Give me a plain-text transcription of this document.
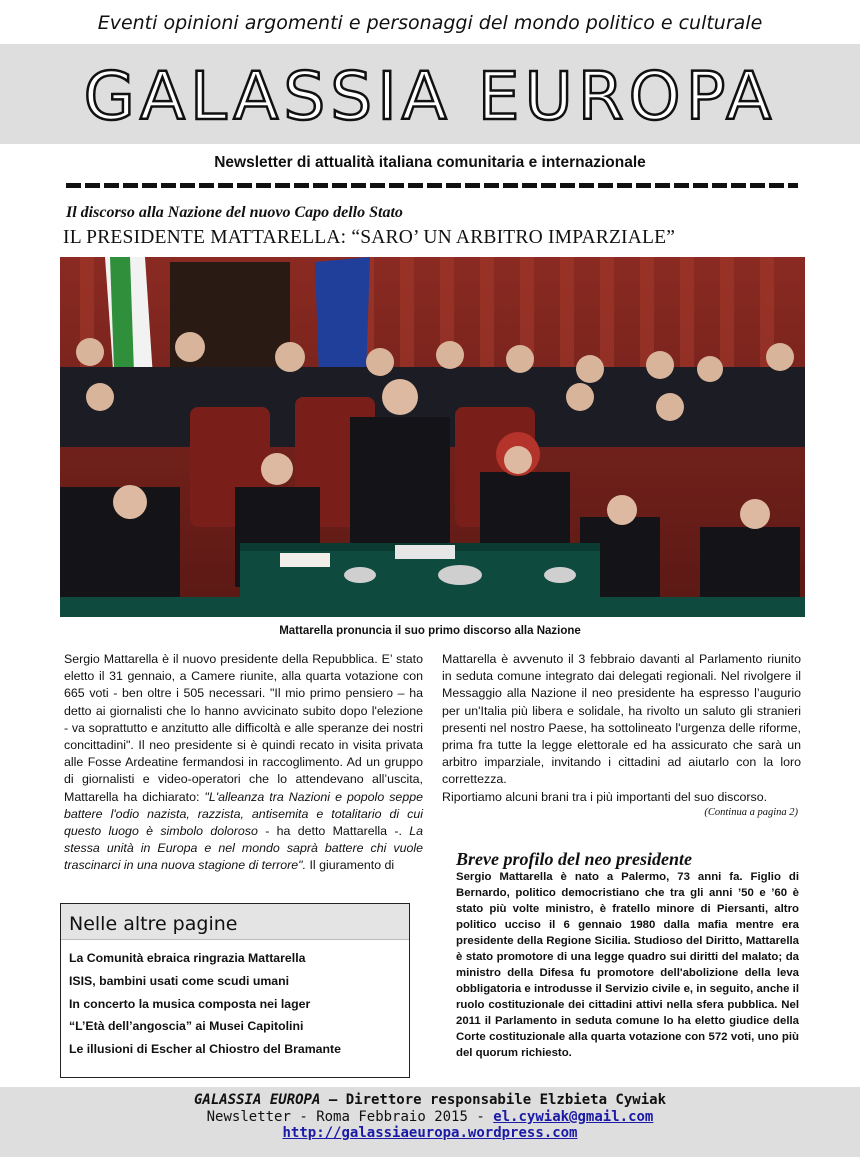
Eventi opinioni argomenti e personaggi del mondo politico e culturale
GALASSIA EUROPA
Newsletter di attualità italiana comunitaria e internazionale
Il discorso alla Nazione del nuovo Capo dello Stato
IL PRESIDENTE MATTARELLA: “SARO’ UN ARBITRO IMPARZIALE”
Mattarella pronuncia il suo primo discorso alla Nazione

Sergio Mattarella è il nuovo presidente della Repubblica. E’ stato eletto il 31 gennaio, a Camere riunite, alla quarta votazione con 665 voti - ben oltre i 505 necessari. "Il mio primo pensiero – ha detto ai giornalisti che lo hanno avvicinato subito dopo l'elezione - va soprattutto e anzitutto alle difficoltà e alle speranze dei nostri concittadini". Il neo presidente si è quindi recato in visita privata alle Fosse Ardeatine fermandosi in raccoglimento. Ad un gruppo di giornalisti e video-operatori che lo attendevano all’uscita, Mattarella ha dichiarato: "L'alleanza tra Nazioni e popolo seppe battere l'odio nazista, razzista, antisemita e totalitario di cui questo luogo è simbolo doloroso - ha detto Mattarella -. La stessa unità in Europa e nel mondo saprà battere chi vuole trascinarci in una nuova stagione di terrore". Il giuramento di

Mattarella è avvenuto il 3 febbraio davanti al Parlamento riunito in seduta comune integrato dai delegati regionali. Nel rivolgere il Messaggio alla Nazione il neo presidente ha espresso l’augurio per un'Italia più libera e solidale, ha rivolto un saluto gli stranieri presenti nel nostro Paese, ha sottolineato l'urgenza delle riforme, prima fra tutte la legge elettorale ed ha assicurato che sarà un arbitro imparziale, invitando i cittadini ad aiutarlo con la loro correttezza.

Riportiamo alcuni brani tra i più importanti del suo discorso.

(Continua a pagina 2)
Breve profilo del neo presidente
Sergio Mattarella è nato a Palermo, 73 anni fa. Figlio di Bernardo, politico democristiano che tra gli anni ’50 e ’60 è stato più volte ministro, è fratello minore di Piersanti, altro politico ucciso il 6 gennaio 1980 dalla mafia mentre era presidente della Regione Sicilia. Studioso del Diritto, Mattarella è stato promotore di una legge quadro sui diritti del malato; da ministro della Difesa fu promotore dell'abolizione della leva obbligatoria e introdusse il Servizio civile e, in seguito, anche il ruolo costituzionale dei cittadini attivi nella sfera pubblica. Nel 2011 il Parlamento in seduta comune lo ha eletto giudice della Corte costituzionale alla quarta votazione con 572 voti, uno più del quorum richiesto.
Nelle altre pagine
La Comunità ebraica ringrazia Mattarella
ISIS, bambini usati come scudi umani
In concerto la musica composta nei lager
“L’Età dell’angoscia” ai Musei Capitolini
Le illusioni di Escher al Chiostro del Bramante
GALASSIA EUROPA – Direttore responsabile Elzbieta Cywiak
Newsletter - Roma Febbraio 2015 - el.cywiak@gmail.com
http://galassiaeuropa.wordpress.com
